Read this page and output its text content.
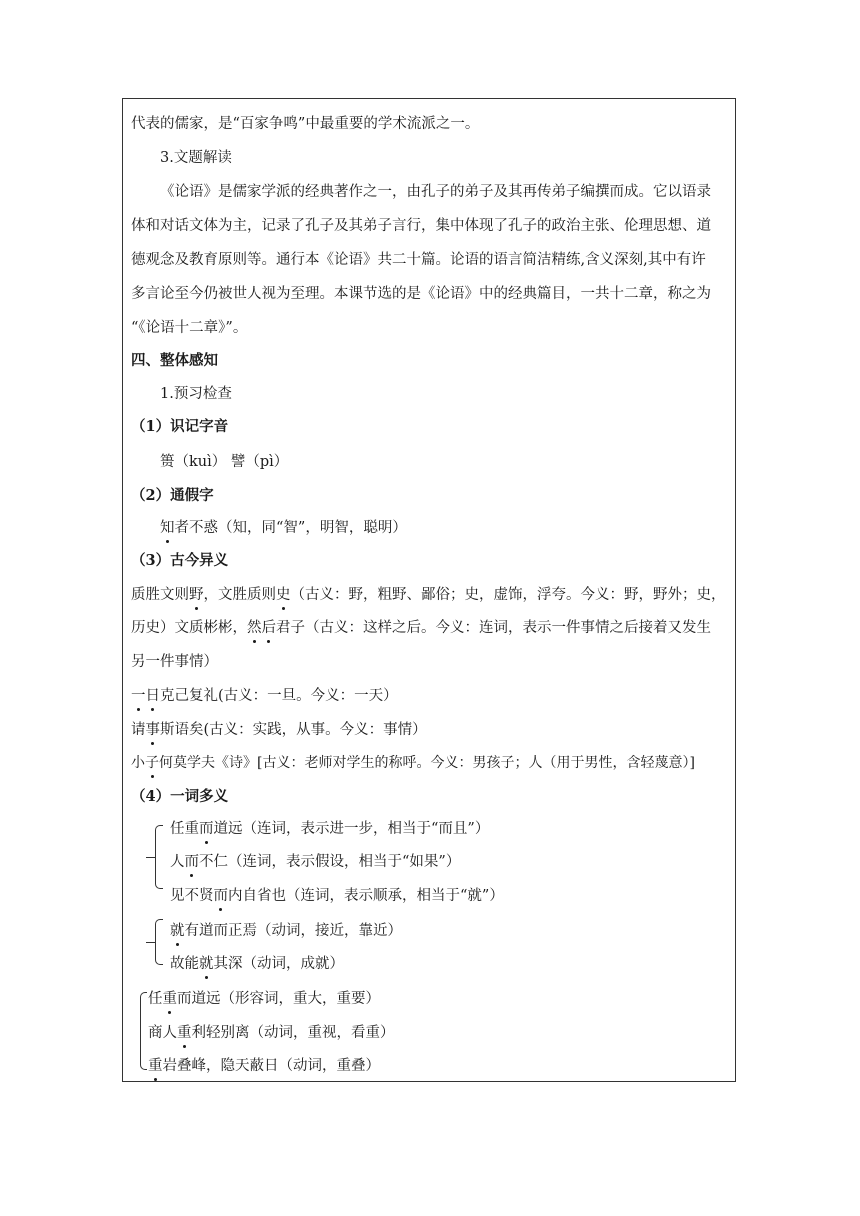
代表的儒家，是“百家争鸣”中最重要的学术流派之一。
3.文题解读
《论语》是儒家学派的经典著作之一，由孔子的弟子及其再传弟子编撰而成。它以语录
体和对话文体为主，记录了孔子及其弟子言行，集中体现了孔子的政治主张、伦理思想、道
德观念及教育原则等。通行本《论语》共二十篇。论语的语言简洁精练,含义深刻,其中有许
多言论至今仍被世人视为至理。本课节选的是《论语》中的经典篇目，一共十二章，称之为
“《论语十二章》”。
四、整体感知
1.预习检查
（1）识记字音
篑（kuì） 譬（pì）
（2）通假字
知者不惑（知，同“智”，明智，聪明）
（3）古今异义
质胜文则野，文胜质则史（古义：野，粗野、鄙俗；史，虚饰，浮夸。今义：野，野外；史，
历史）文质彬彬，然后君子（古义：这样之后。今义：连词，表示一件事情之后接着又发生
另一件事情）
一日克己复礼(古义：一旦。今义：一天）
请事斯语矣(古义：实践，从事。今义：事情）
小子何莫学夫《诗》[古义：老师对学生的称呼。今义：男孩子；人（用于男性，含轻蔑意）]
（4）一词多义
任重而道远（连词，表示进一步，相当于“而且”）
人而不仁（连词，表示假设，相当于“如果”）
见不贤而内自省也（连词，表示顺承，相当于“就”）
就有道而正焉（动词，接近，靠近）
故能就其深（动词，成就）
任重而道远（形容词，重大，重要）
商人重利轻别离（动词，重视，看重）
重岩叠峰，隐天蔽日（动词，重叠）
